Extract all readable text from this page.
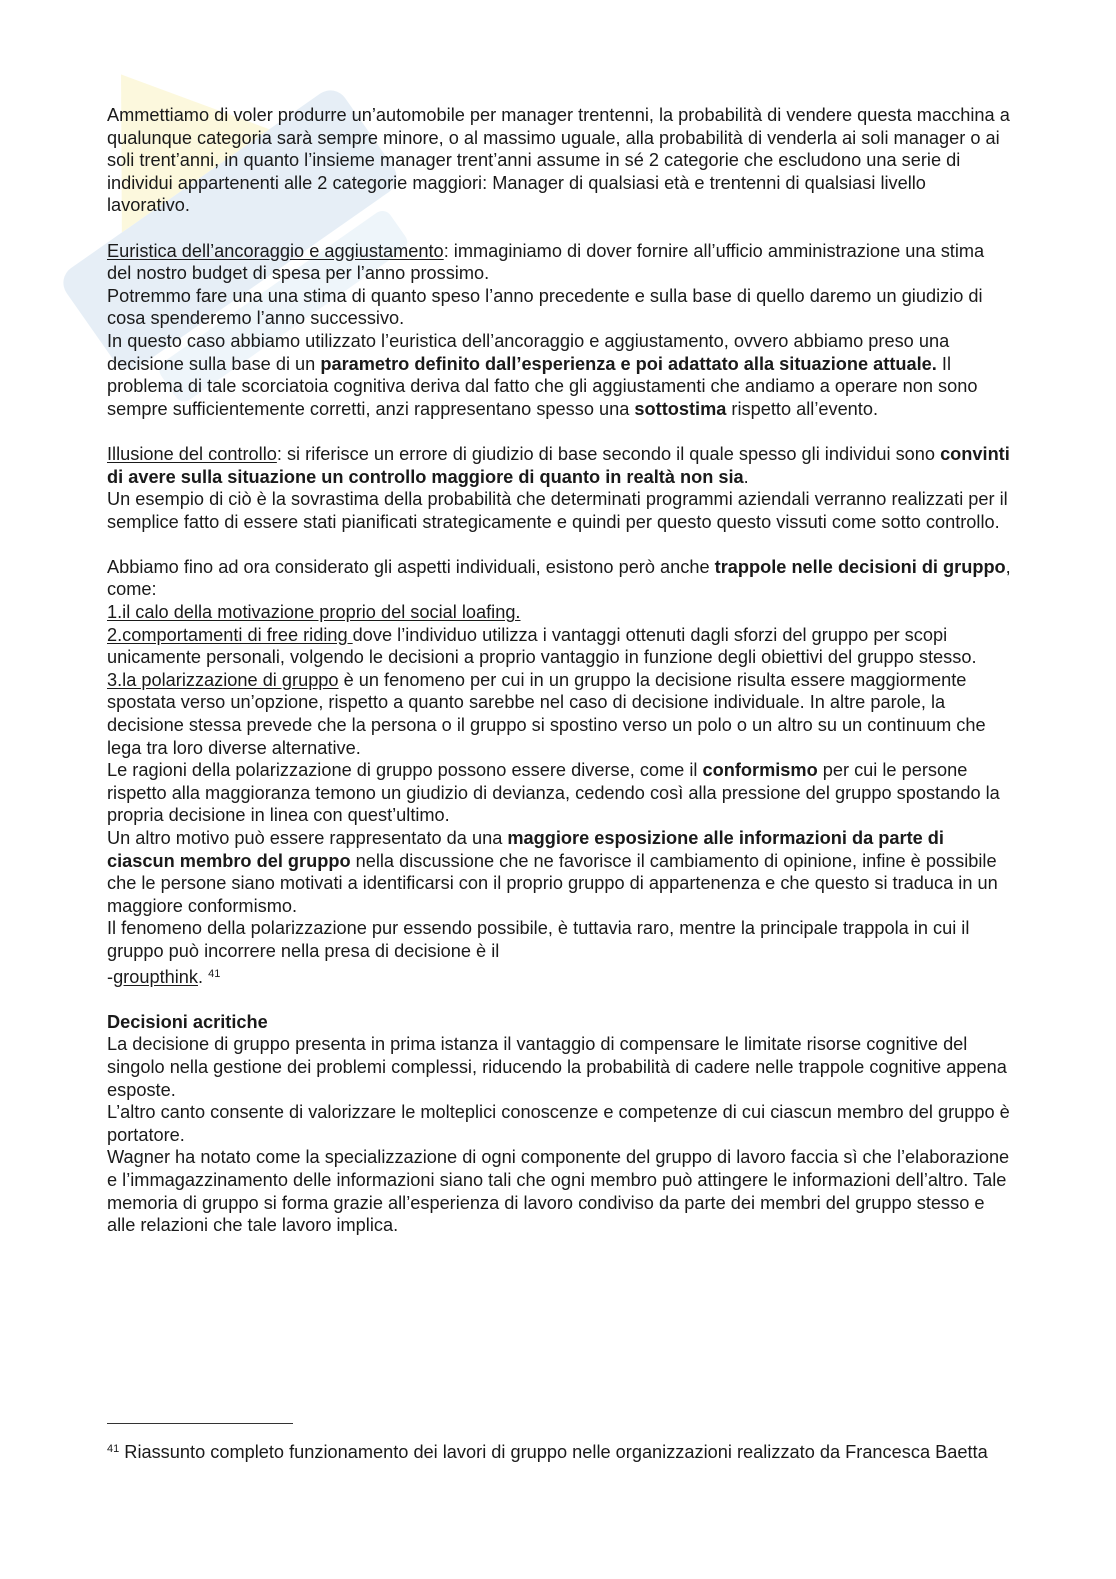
Ammettiamo di voler produrre un’automobile per manager trentenni, la probabilità di vendere questa macchina a qualunque categoria sarà sempre minore, o al massimo uguale, alla probabilità di venderla ai soli manager o ai soli trent’anni, in quanto l’insieme manager trent’anni assume in sé 2 categorie che escludono una serie di individui appartenenti alle 2 categorie maggiori: Manager di qualsiasi età e trentenni di qualsiasi livello lavorativo.

Euristica dell’ancoraggio e aggiustamento: immaginiamo di dover fornire all’ufficio amministrazione una stima del nostro budget di spesa per l’anno prossimo.

Potremmo fare una una stima di quanto speso l’anno precedente e sulla base di quello daremo un giudizio di cosa spenderemo l’anno successivo.

In questo caso abbiamo utilizzato l’euristica dell’ancoraggio e aggiustamento, ovvero abbiamo preso una decisione sulla base di un parametro definito dall’esperienza e poi adattato alla situazione attuale. Il problema di tale scorciatoia cognitiva deriva dal fatto che gli aggiustamenti che andiamo a operare non sono sempre sufficientemente corretti, anzi rappresentano spesso una sottostima rispetto all’evento.

Illusione del controllo: si riferisce un errore di giudizio di base secondo il quale spesso gli individui sono convinti di avere sulla situazione un controllo maggiore di quanto in realtà non sia.

Un esempio di ciò è la sovrastima della probabilità che determinati programmi aziendali verranno realizzati per il semplice fatto di essere stati pianificati strategicamente e quindi per questo questo vissuti come sotto controllo.

Abbiamo fino ad ora considerato gli aspetti individuali, esistono però anche trappole nelle decisioni di gruppo, come:

1.il calo della motivazione proprio del social loafing.

2.comportamenti di free riding dove l’individuo utilizza i vantaggi ottenuti dagli sforzi del gruppo per scopi unicamente personali, volgendo le decisioni a proprio vantaggio in funzione degli obiettivi del gruppo stesso.

3.la polarizzazione di gruppo è un fenomeno per cui in un gruppo la decisione risulta essere maggiormente spostata verso un’opzione, rispetto a quanto sarebbe nel caso di decisione individuale. In altre parole, la decisione stessa prevede che la persona o il gruppo si spostino verso un polo o un altro su un continuum che lega tra loro diverse alternative.

Le ragioni della polarizzazione di gruppo possono essere diverse, come il conformismo per cui le persone rispetto alla maggioranza temono un giudizio di devianza, cedendo così alla pressione del gruppo spostando la propria decisione in linea con quest’ultimo.

Un altro motivo può essere rappresentato da una maggiore esposizione alle informazioni da parte di ciascun membro del gruppo nella discussione che ne favorisce il cambiamento di opinione, infine è possibile che le persone siano motivati a identificarsi con il proprio gruppo di appartenenza e che questo si traduca in un maggiore conformismo.

Il fenomeno della polarizzazione pur essendo possibile, è tuttavia raro, mentre la principale trappola in cui il gruppo può incorrere nella presa di decisione è il

-groupthink. $^{41}$

Decisioni acritiche

La decisione di gruppo presenta in prima istanza il vantaggio di compensare le limitate risorse cognitive del singolo nella gestione dei problemi complessi, riducendo la probabilità di cadere nelle trappole cognitive appena esposte.

L’altro canto consente di valorizzare le molteplici conoscenze e competenze di cui ciascun membro del gruppo è portatore.

Wagner ha notato come la specializzazione di ogni componente del gruppo di lavoro faccia sì che l’elaborazione e l’immagazzinamento delle informazioni siano tali che ogni membro può attingere le informazioni dell’altro. Tale memoria di gruppo si forma grazie all’esperienza di lavoro condiviso da parte dei membri del gruppo stesso e alle relazioni che tale lavoro implica.

$^{41}$ Riassunto completo funzionamento dei lavori di gruppo nelle organizzazioni realizzato da Francesca Baetta
